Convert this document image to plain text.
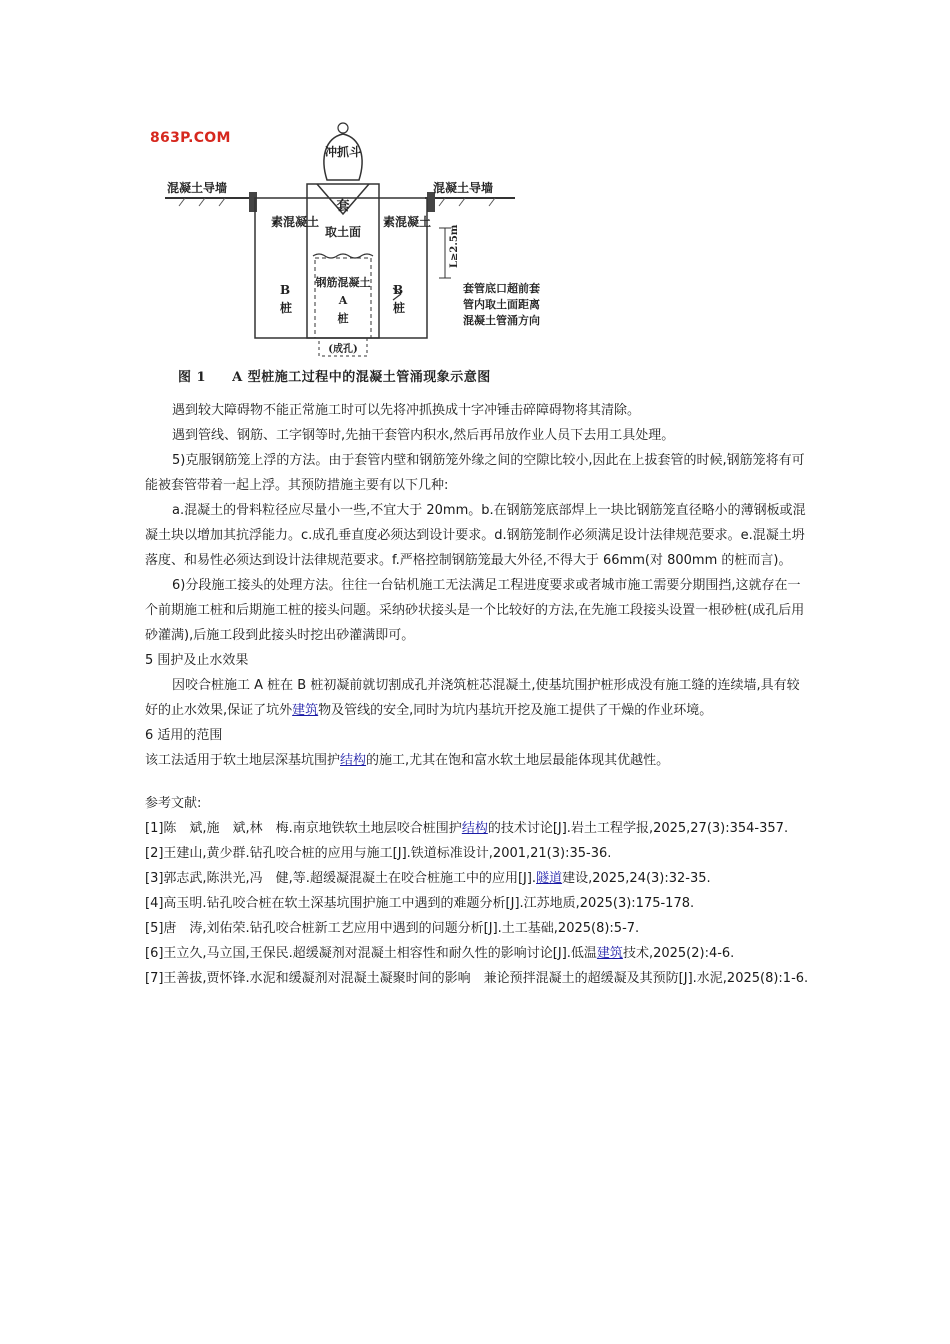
冲抓斗
混凝土导墙	混凝土导墙
套
取土面
素混凝土
B
桩
素混凝土
B
桩
钢筋混凝土
A
桩
(成孔)
L≥2.5m
套管底口超前套
管内取土面距离
混凝土管涌方向
863P.COM
图 1 A 型桩施工过程中的混凝土管涌现象示意图

遇到较大障碍物不能正常施工时可以先将冲抓换成十字冲锤击碎障碍物将其清除。

遇到管线、钢筋、工字钢等时,先抽干套管内积水,然后再吊放作业人员下去用工具处理。

5)克服钢筋笼上浮的方法。由于套管内壁和钢筋笼外缘之间的空隙比较小,因此在上拔套管的时候,钢筋笼将有可能被套管带着一起上浮。其预防措施主要有以下几种:

a.混凝土的骨料粒径应尽量小一些,不宜大于 20mm。b.在钢筋笼底部焊上一块比钢筋笼直径略小的薄钢板或混凝土块以增加其抗浮能力。c.成孔垂直度必须达到设计要求。d.钢筋笼制作必须满足设计法律规范要求。e.混凝土坍落度、和易性必须达到设计法律规范要求。f.严格控制钢筋笼最大外径,不得大于 66mm(对 800mm 的桩而言)。

6)分段施工接头的处理方法。往往一台钻机施工无法满足工程进度要求或者城市施工需要分期围挡,这就存在一个前期施工桩和后期施工桩的接头问题。采纳砂状接头是一个比较好的方法,在先施工段接头设置一根砂桩(成孔后用砂灌满),后施工段到此接头时挖出砂灌满即可。

5 围护及止水效果

因咬合桩施工 A 桩在 B 桩初凝前就切割成孔并浇筑桩芯混凝土,使基坑围护桩形成没有施工缝的连续墙,具有较好的止水效果,保证了坑外建筑物及管线的安全,同时为坑内基坑开挖及施工提供了干燥的作业环境。

6 适用的范围

该工法适用于软土地层深基坑围护结构的施工,尤其在饱和富水软土地层最能体现其优越性。

参考文献:

[1]陈　斌,施　斌,林　梅.南京地铁软土地层咬合桩围护结构的技术讨论[J].岩土工程学报,2025,27(3):354-357.

[2]王建山,黄少群.钻孔咬合桩的应用与施工[J].铁道标准设计,2001,21(3):35-36.

[3]郭志武,陈洪光,冯　健,等.超缓凝混凝土在咬合桩施工中的应用[J].隧道建设,2025,24(3):32-35.

[4]高玉明.钻孔咬合桩在软土深基坑围护施工中遇到的难题分析[J].江苏地质,2025(3):175-178.

[5]唐　涛,刘佑荣.钻孔咬合桩新工艺应用中遇到的问题分析[J].土工基础,2025(8):5-7.

[6]王立久,马立国,王保民.超缓凝剂对混凝土相容性和耐久性的影响讨论[J].低温建筑技术,2025(2):4-6.

[7]王善拔,贾怀锋.水泥和缓凝剂对混凝土凝聚时间的影响　兼论预拌混凝土的超缓凝及其预防[J].水泥,2025(8):1-6.
